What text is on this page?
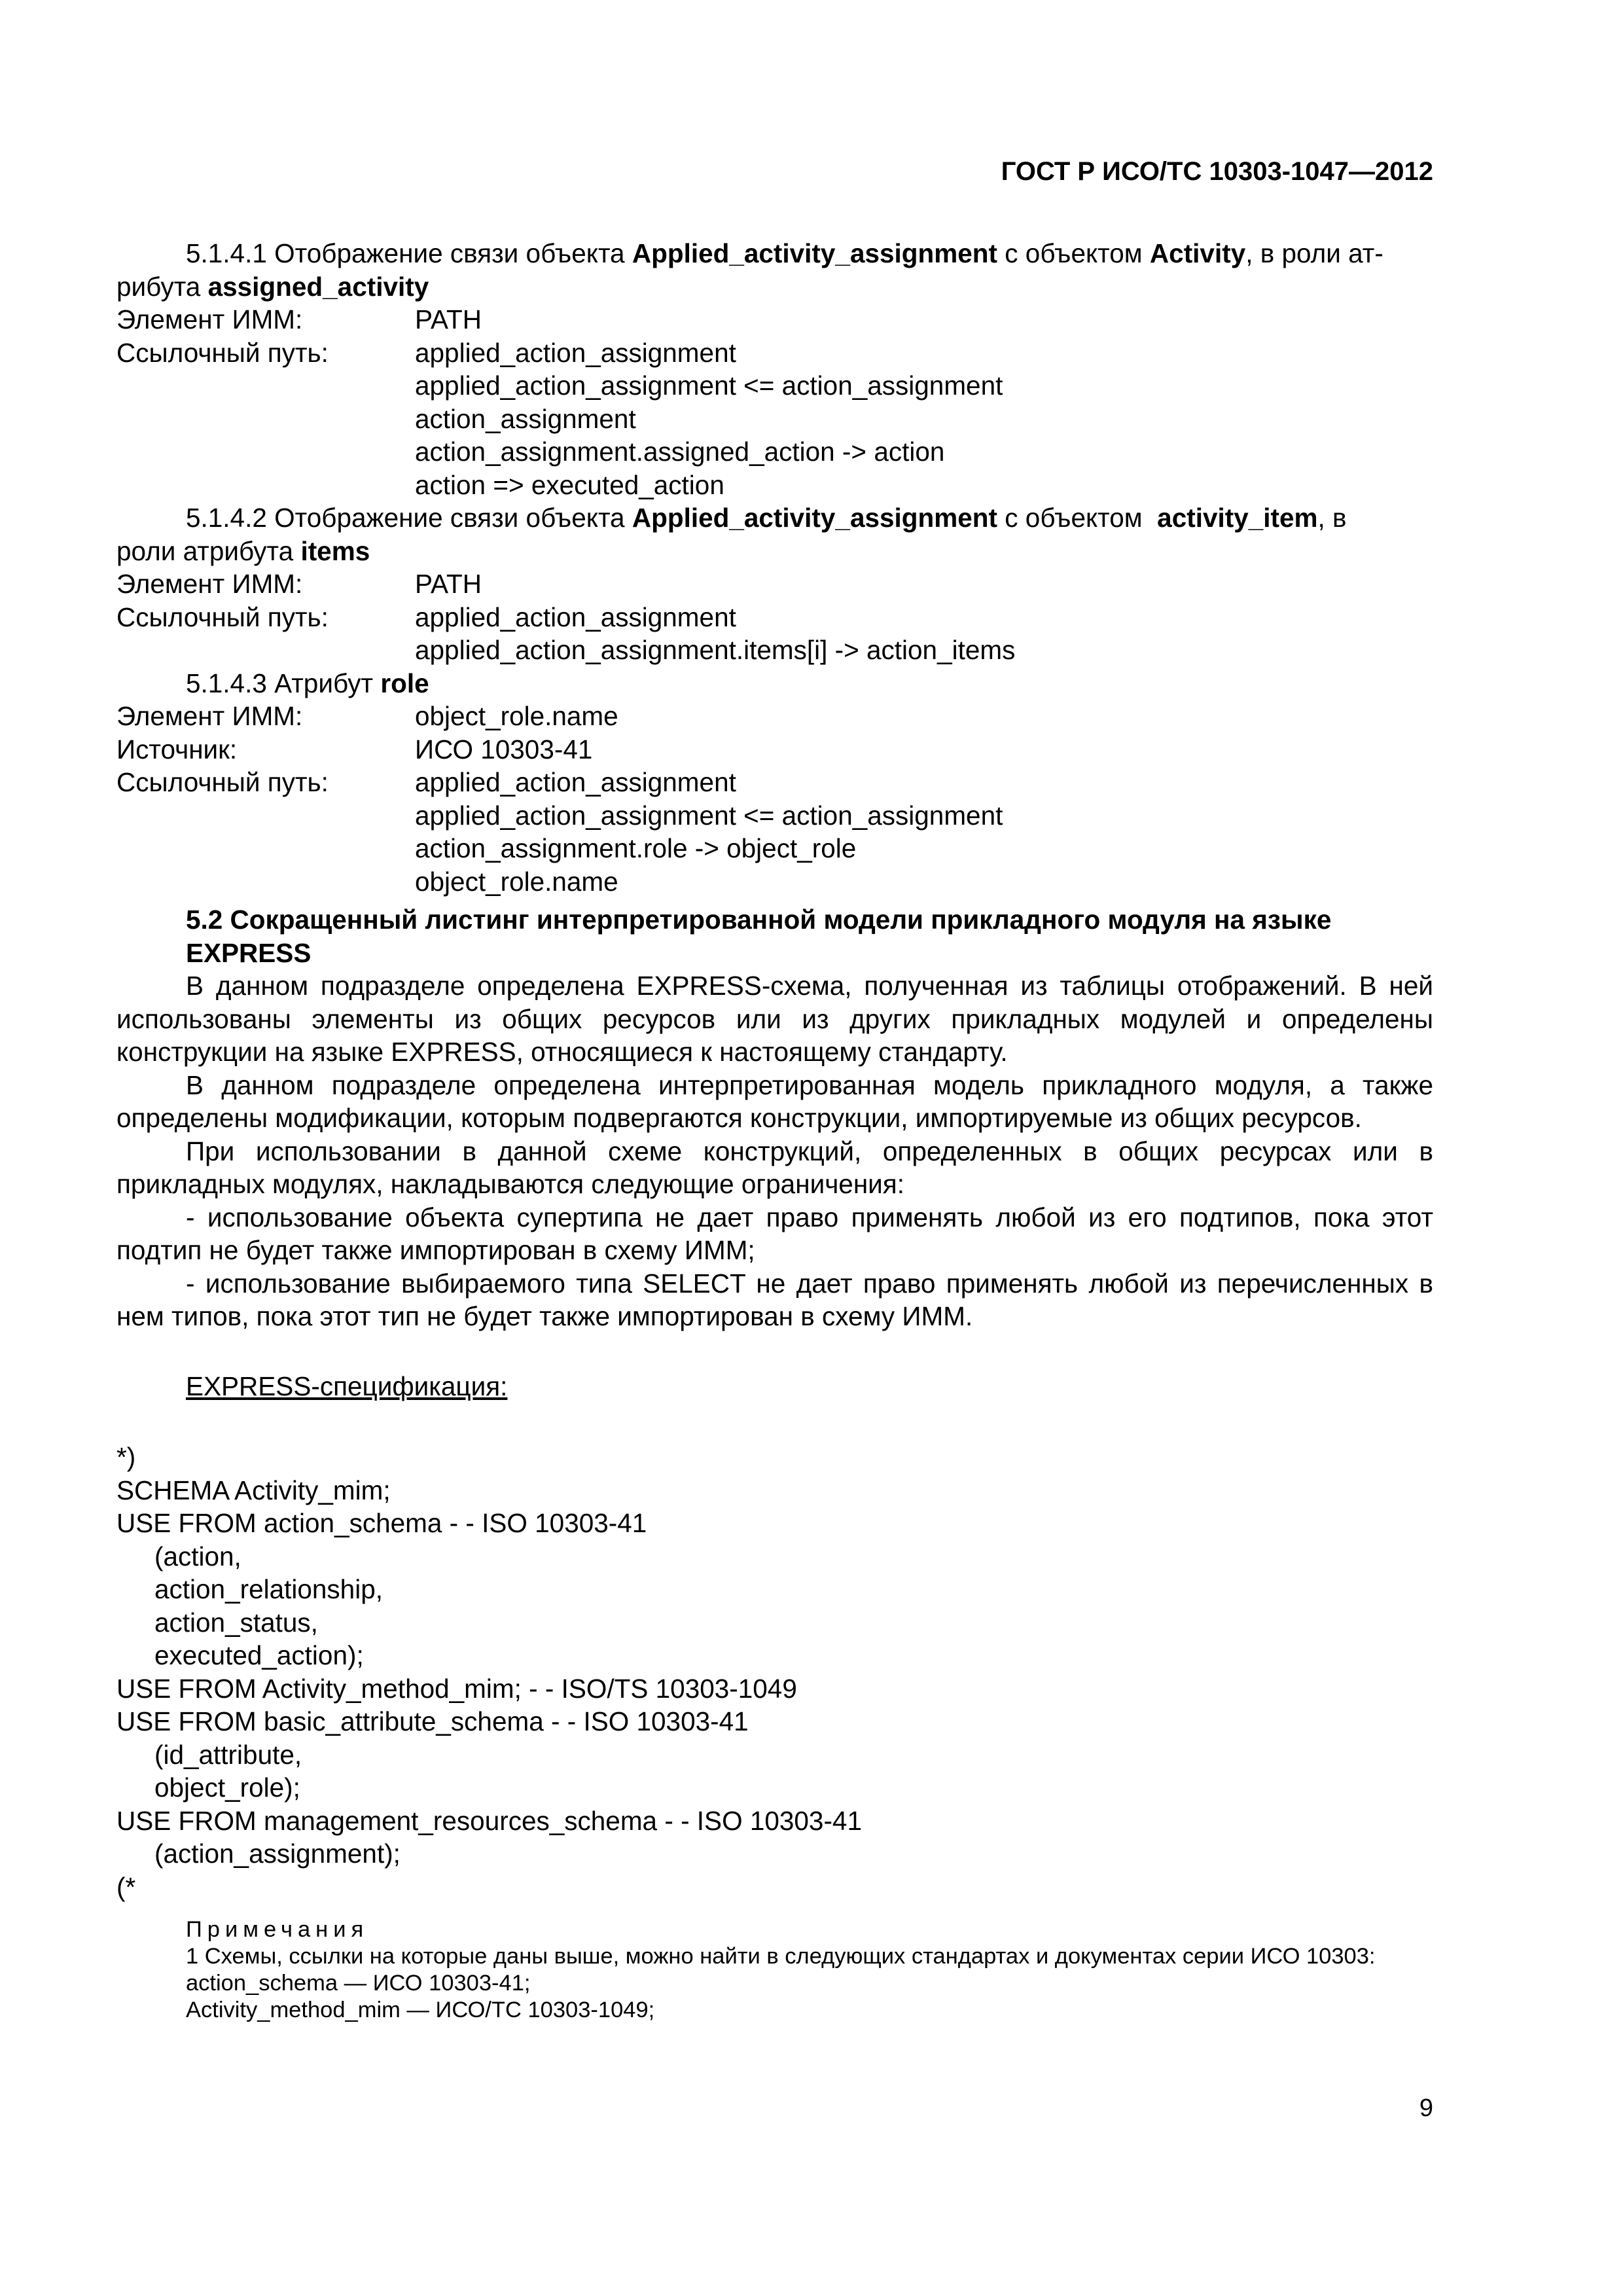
ГОСТ Р ИСО/ТС 10303-1047—2012

5.1.4.1 Отображение связи объекта Applied_activity_assignment с объектом Activity, в роли ат-

рибута assigned_activity

Элемент ИММ:	PATH
Ссылочный путь:	applied_action_assignment
applied_action_assignment <= action_assignment
action_assignment
action_assignment.assigned_action -> action
action => executed_action

5.1.4.2 Отображение связи объекта Applied_activity_assignment с объектом activity_item, в

роли атрибута items

Элемент ИММ:	PATH
Ссылочный путь:	applied_action_assignment
applied_action_assignment.items[i] -> action_items

5.1.4.3 Атрибут role

Элемент ИММ:	object_role.name
Источник:	ИСО 10303-41
Ссылочный путь:	applied_action_assignment
applied_action_assignment <= action_assignment
action_assignment.role -> object_role
object_role.name
5.2 Сокращенный листинг интерпретированной модели прикладного модуля на языке
EXPRESS

В данном подразделе определена EXPRESS-схема, полученная из таблицы отображений. В ней использованы элементы из общих ресурсов или из других прикладных модулей и определены конструкции на языке EXPRESS, относящиеся к настоящему стандарту.

В данном подразделе определена интерпретированная модель прикладного модуля, а также определены модификации, которым подвергаются конструкции, импортируемые из общих ресурсов.

При использовании в данной схеме конструкций, определенных в общих ресурсах или в прикладных модулях, накладываются следующие ограничения:

- использование объекта супертипа не дает право применять любой из его подтипов, пока этот подтип не будет также импортирован в схему ИММ;

- использование выбираемого типа SELECT не дает право применять любой из перечисленных в нем типов, пока этот тип не будет также импортирован в схему ИММ.

EXPRESS-спецификация:
*)
SCHEMA Activity_mim;
USE FROM action_schema - - ISO 10303-41
(action,
action_relationship,
action_status,
executed_action);
USE FROM Activity_method_mim; - - ISO/TS 10303-1049
USE FROM basic_attribute_schema - - ISO 10303-41
(id_attribute,
object_role);
USE FROM management_resources_schema - - ISO 10303-41
(action_assignment);
(*
Примечания

1 Схемы, ссылки на которые даны выше, можно найти в следующих стандартах и документах серии ИСО 10303:

action_schema — ИСО 10303-41;
Activity_method_mim — ИСО/ТС 10303-1049;
9
